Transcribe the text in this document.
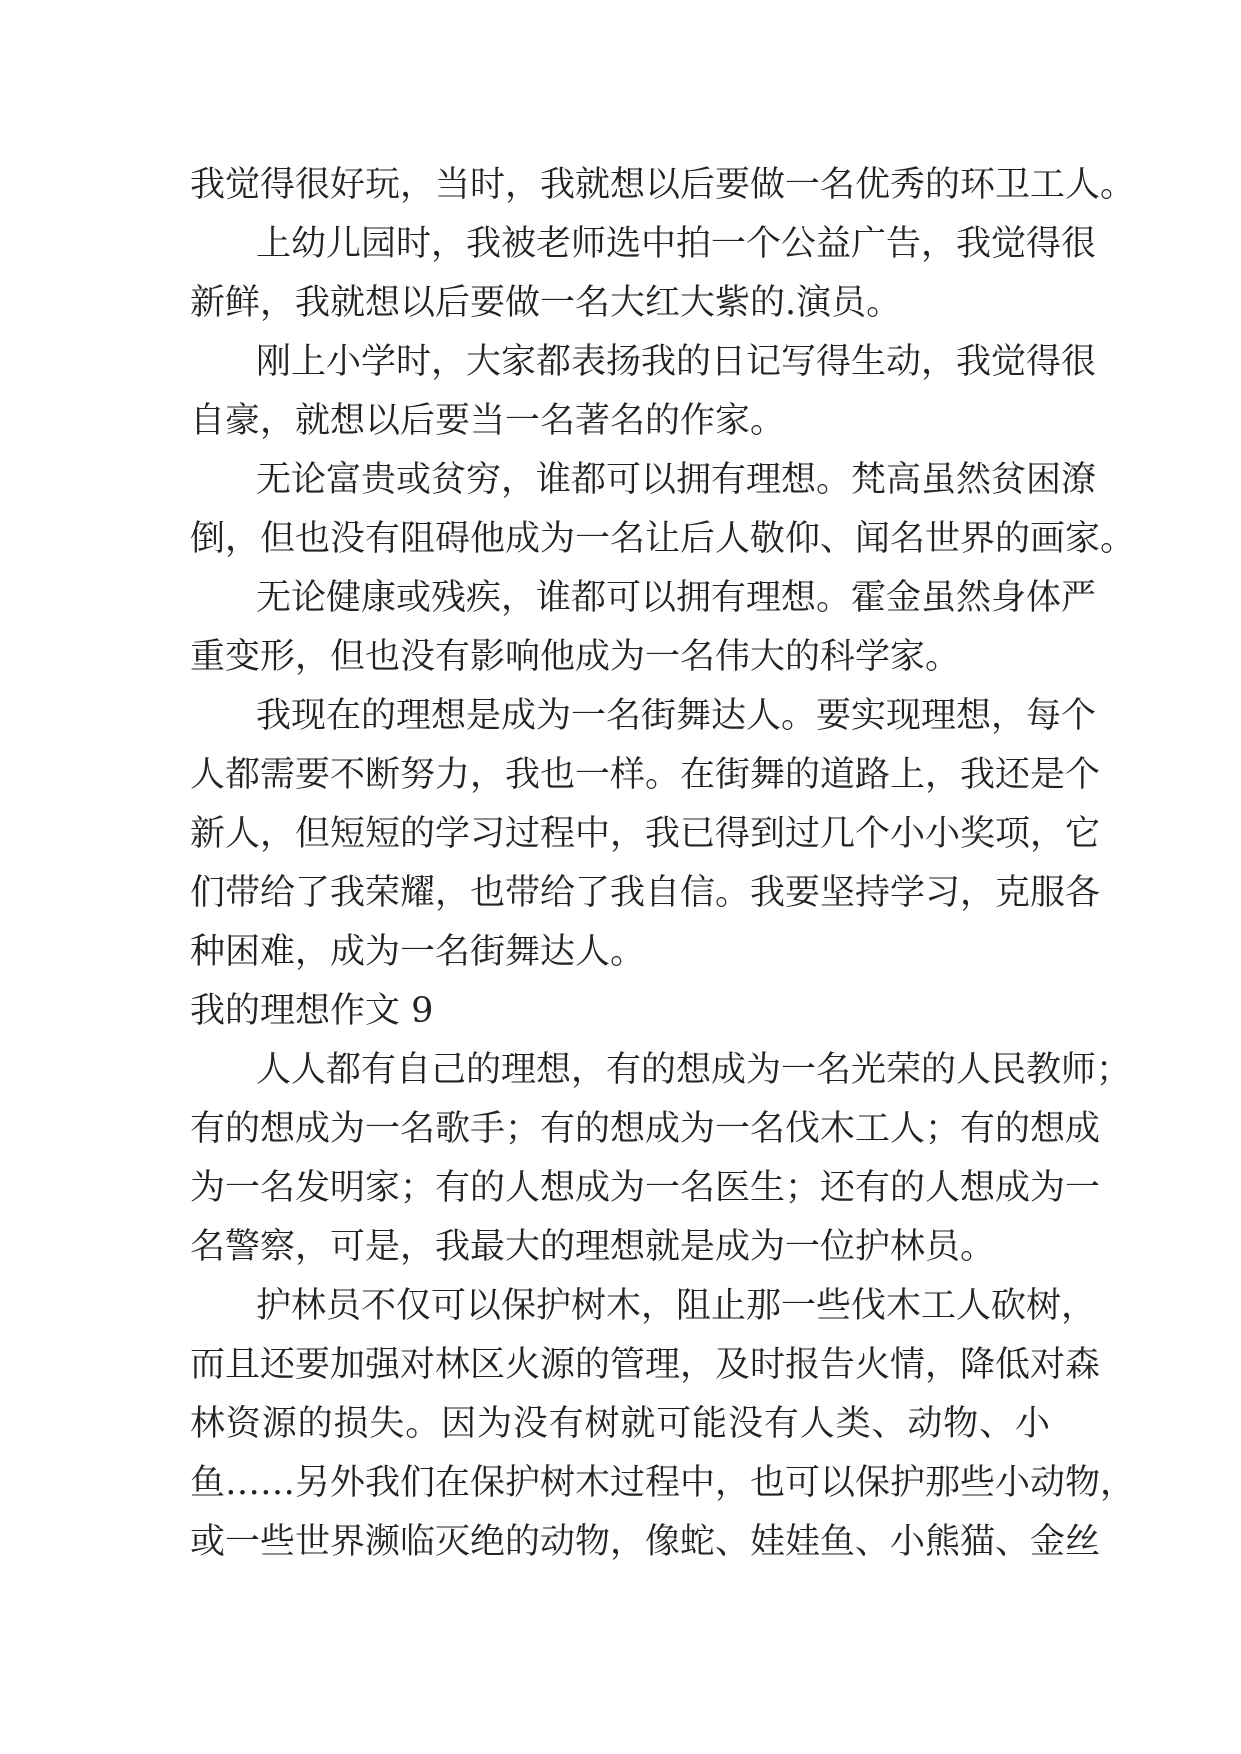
我觉得很好玩，当时，我就想以后要做一名优秀的环卫工人。
上幼儿园时，我被老师选中拍一个公益广告，我觉得很
新鲜，我就想以后要做一名大红大紫的.演员。
刚上小学时，大家都表扬我的日记写得生动，我觉得很
自豪，就想以后要当一名著名的作家。
无论富贵或贫穷，谁都可以拥有理想。梵高虽然贫困潦
倒，但也没有阻碍他成为一名让后人敬仰、闻名世界的画家。
无论健康或残疾，谁都可以拥有理想。霍金虽然身体严
重变形，但也没有影响他成为一名伟大的科学家。
我现在的理想是成为一名街舞达人。要实现理想，每个
人都需要不断努力，我也一样。在街舞的道路上，我还是个
新人，但短短的学习过程中，我已得到过几个小小奖项，它
们带给了我荣耀，也带给了我自信。我要坚持学习，克服各
种困难，成为一名街舞达人。
我的理想作文 9
人人都有自己的理想，有的想成为一名光荣的人民教师；
有的想成为一名歌手；有的想成为一名伐木工人；有的想成
为一名发明家；有的人想成为一名医生；还有的人想成为一
名警察，可是，我最大的理想就是成为一位护林员。
护林员不仅可以保护树木，阻止那一些伐木工人砍树，
而且还要加强对林区火源的管理，及时报告火情，降低对森
林资源的损失。因为没有树就可能没有人类、动物、小
鱼……另外我们在保护树木过程中，也可以保护那些小动物，
或一些世界濒临灭绝的动物，像蛇、娃娃鱼、小熊猫、金丝
